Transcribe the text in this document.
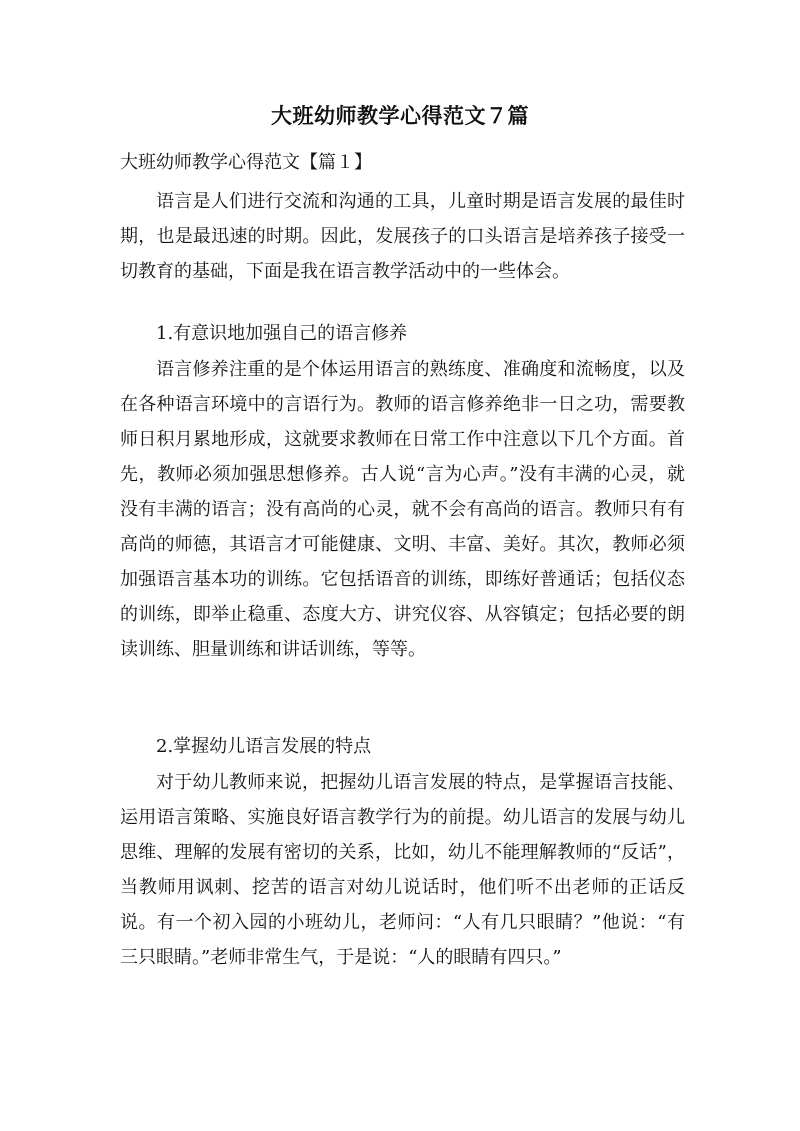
大班幼师教学心得范文７篇
大班幼师教学心得范文【篇１】

语言是人们进行交流和沟通的工具，儿童时期是语言发展的最佳时期，也是最迅速的时期。因此，发展孩子的口头语言是培养孩子接受一切教育的基础，下面是我在语言教学活动中的一些体会。

1.有意识地加强自己的语言修养

语言修养注重的是个体运用语言的熟练度、准确度和流畅度，以及在各种语言环境中的言语行为。教师的语言修养绝非一日之功，需要教师日积月累地形成，这就要求教师在日常工作中注意以下几个方面。首先，教师必须加强思想修养。古人说“言为心声。”没有丰满的心灵，就没有丰满的语言；没有高尚的心灵，就不会有高尚的语言。教师只有有高尚的师德，其语言才可能健康、文明、丰富、美好。其次，教师必须加强语言基本功的训练。它包括语音的训练，即练好普通话；包括仪态的训练，即举止稳重、态度大方、讲究仪容、从容镇定；包括必要的朗读训练、胆量训练和讲话训练，等等。

2.掌握幼儿语言发展的特点

对于幼儿教师来说，把握幼儿语言发展的特点，是掌握语言技能、运用语言策略、实施良好语言教学行为的前提。幼儿语言的发展与幼儿思维、理解的发展有密切的关系，比如，幼儿不能理解教师的“反话”，当教师用讽刺、挖苦的语言对幼儿说话时，他们听不出老师的正话反说。有一个初入园的小班幼儿，老师问：“人有几只眼睛？”他说：“有三只眼睛。”老师非常生气，于是说：“人的眼睛有四只。”
